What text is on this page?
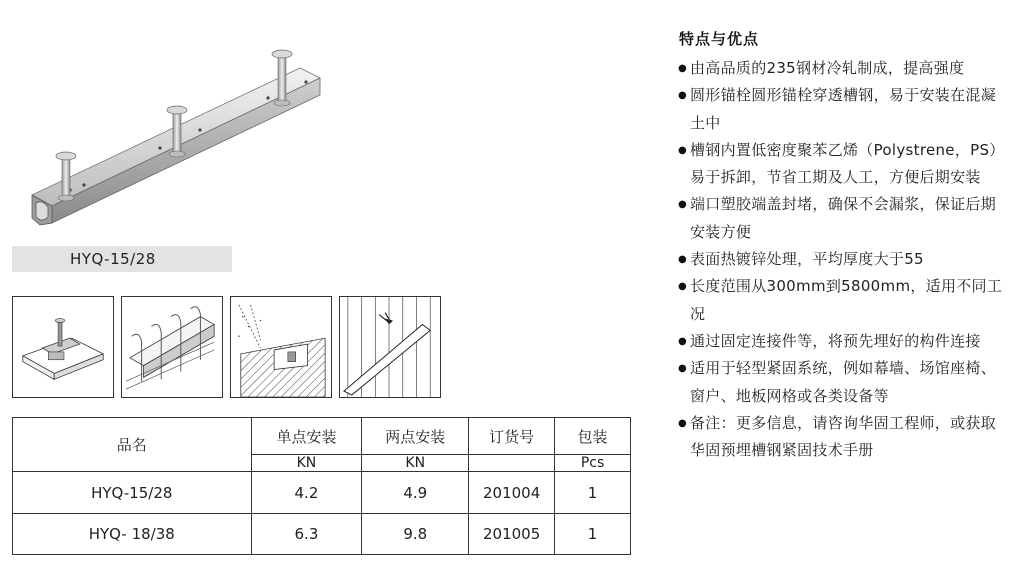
HYQ-15/28
品名	单点安装	两点安装	订货号	包装
	KN	KN		Pcs
HYQ-15/28	4.2	4.9	201004	1
HYQ- 18/38	6.3	9.8	201005	1
特点与优点
● 由高品质的235钢材冷轧制成，提高强度
● 圆形锚栓圆形锚栓穿透槽钢，易于安装在混凝土中
● 槽钢内置低密度聚苯乙烯（Polystrene，PS）易于拆卸，节省工期及人工，方便后期安装
● 端口塑胶端盖封堵，确保不会漏浆，保证后期安装方便
● 表面热镀锌处理，平均厚度大于55
● 长度范围从300mm到5800mm，适用不同工况
● 通过固定连接件等，将预先埋好的构件连接
● 适用于轻型紧固系统，例如幕墙、场馆座椅、窗户、地板网格或各类设备等
● 备注：更多信息，请咨询华固工程师，或获取华固预埋槽钢紧固技术手册
